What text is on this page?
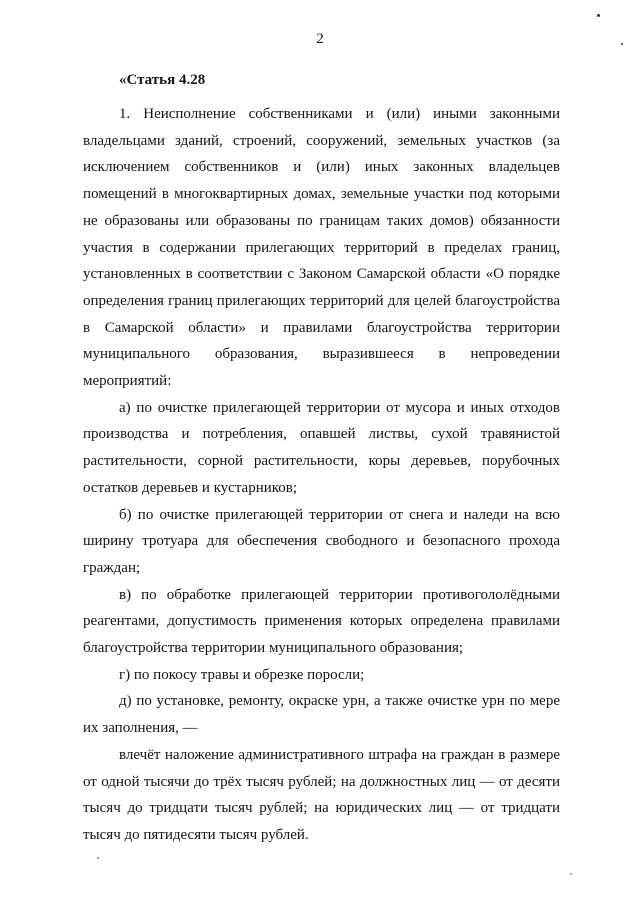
2
«Статья 4.28

1. Неисполнение собственниками и (или) иными законными владельцами зданий, строений, сооружений, земельных участков (за исключением собственников и (или) иных законных владельцев помещений в многоквартирных домах, земельные участки под которыми не образованы или образованы по границам таких домов) обязанности участия в содержании прилегающих территорий в пределах границ, установленных в соответствии с Законом Самарской области «О порядке определения границ прилегающих территорий для целей благоустройства в Самарской области» и правилами благоустройства территории муниципального образования, выразившееся в непроведении мероприятий:

а) по очистке прилегающей территории от мусора и иных отходов производства и потребления, опавшей листвы, сухой травянистой растительности, сорной растительности, коры деревьев, порубочных остатков деревьев и кустарников;

б) по очистке прилегающей территории от снега и наледи на всю ширину тротуара для обеспечения свободного и безопасного прохода граждан;

в) по обработке прилегающей территории противогололёдными реагентами, допустимость применения которых определена правилами благоустройства территории муниципального образования;

г) по покосу травы и обрезке поросли;

д) по установке, ремонту, окраске урн, а также очистке урн по мере их заполнения, —

влечёт наложение административного штрафа на граждан в размере от одной тысячи до трёх тысяч рублей; на должностных лиц — от десяти тысяч до тридцати тысяч рублей; на юридических лиц — от тридцати тысяч до пятидесяти тысяч рублей.
